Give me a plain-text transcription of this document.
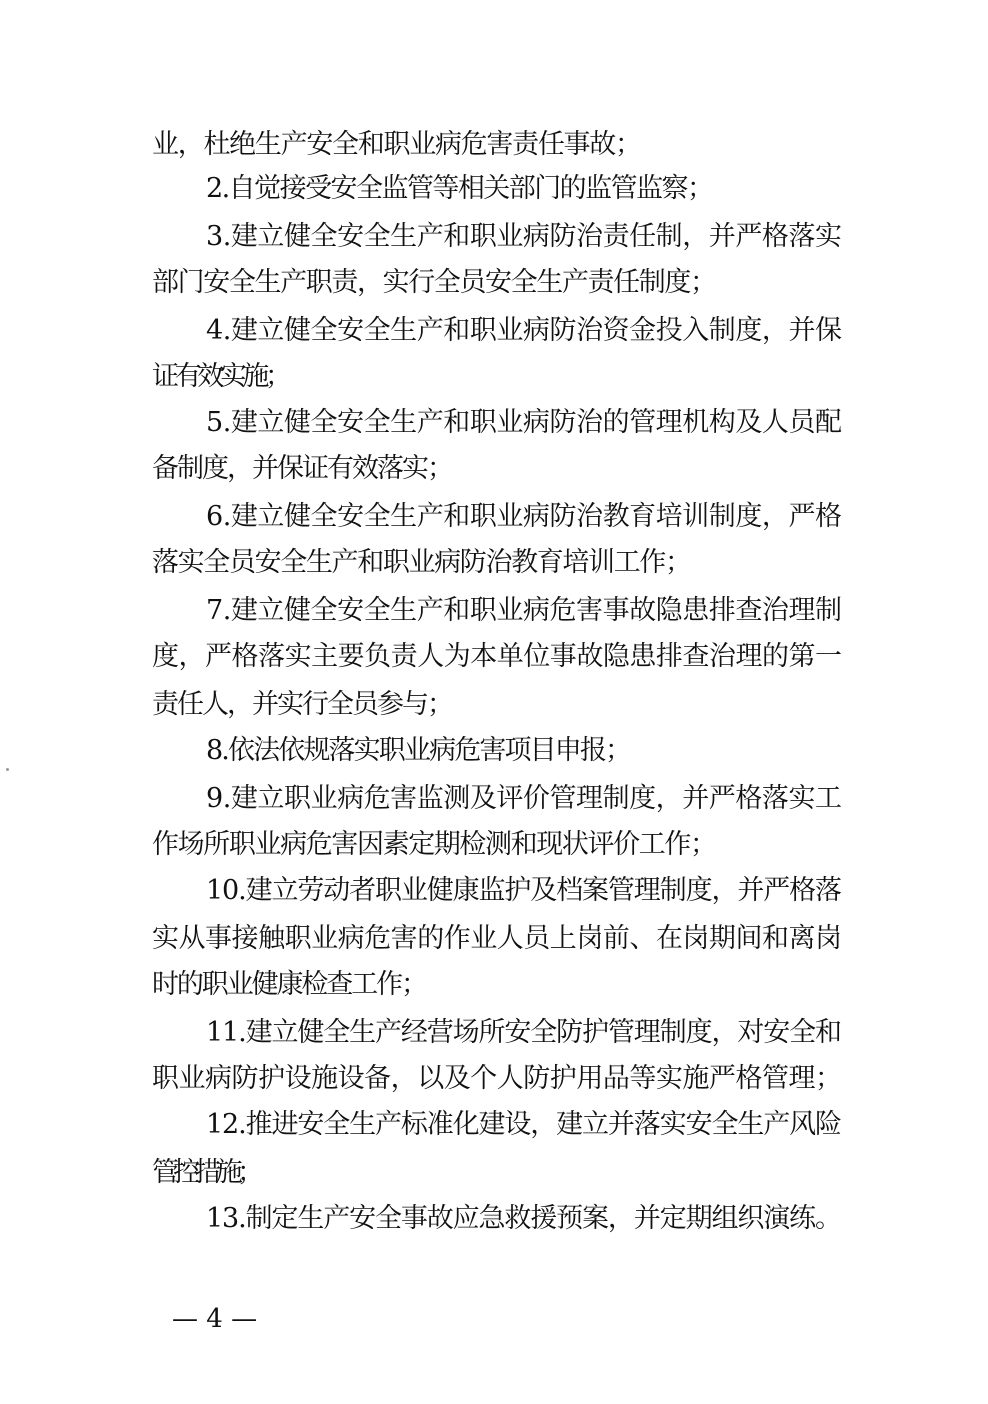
业，杜绝生产安全和职业病危害责任事故；
2.自觉接受安全监管等相关部门的监管监察；
3.建立健全安全生产和职业病防治责任制，并严格落实
部门安全生产职责，实行全员安全生产责任制度；
4.建立健全安全生产和职业病防治资金投入制度，并保
证有效实施；
5.建立健全安全生产和职业病防治的管理机构及人员配
备制度，并保证有效落实；
6.建立健全安全生产和职业病防治教育培训制度，严格
落实全员安全生产和职业病防治教育培训工作；
7.建立健全安全生产和职业病危害事故隐患排查治理制
度，严格落实主要负责人为本单位事故隐患排查治理的第一
责任人，并实行全员参与；
8.依法依规落实职业病危害项目申报；
9.建立职业病危害监测及评价管理制度，并严格落实工
作场所职业病危害因素定期检测和现状评价工作；
10.建立劳动者职业健康监护及档案管理制度，并严格落
实从事接触职业病危害的作业人员上岗前、在岗期间和离岗
时的职业健康检查工作；
11.建立健全生产经营场所安全防护管理制度，对安全和
职业病防护设施设备，以及个人防护用品等实施严格管理；
12.推进安全生产标准化建设，建立并落实安全生产风险
管控措施；
13.制定生产安全事故应急救援预案，并定期组织演练。
— 4 —
